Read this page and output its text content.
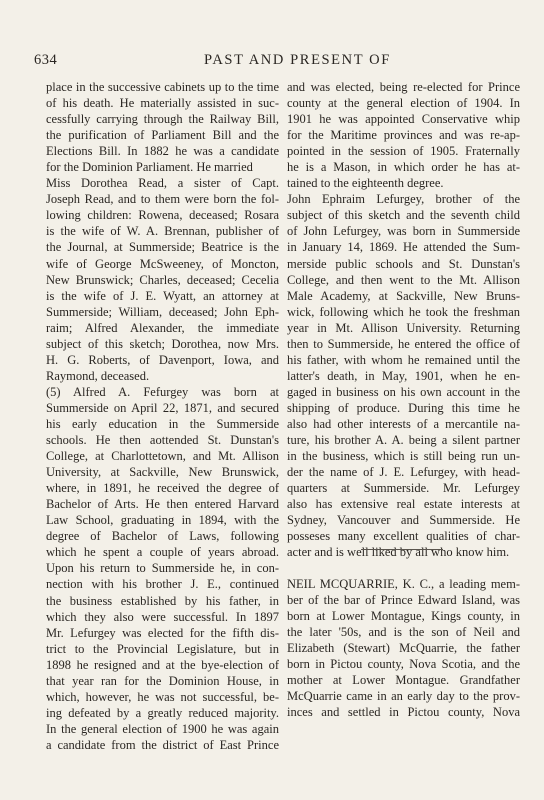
634	PAST AND PRESENT OF
place in the successive cabinets up to the time
of his death. He materially assisted in suc-
cessfully carrying through the Railway Bill,
the purification of Parliament Bill and the
Elections Bill. In 1882 he was a candidate
for the Dominion Parliament. He married
Miss Dorothea Read, a sister of Capt.
Joseph Read, and to them were born the fol-
lowing children: Rowena, deceased; Rosara
is the wife of W. A. Brennan, publisher of
the Journal, at Summerside; Beatrice is the
wife of George McSweeney, of Moncton,
New Brunswick; Charles, deceased; Cecelia
is the wife of J. E. Wyatt, an attorney at
Summerside; William, deceased; John Eph-
raim; Alfred Alexander, the immediate
subject of this sketch; Dorothea, now Mrs.
H. G. Roberts, of Davenport, Iowa, and
Raymond, deceased.
(5) Alfred A. Fefurgey was born at
Summerside on April 22, 1871, and secured
his early education in the Summerside
schools. He then aottended St. Dunstan's
College, at Charlottetown, and Mt. Allison
University, at Sackville, New Brunswick,
where, in 1891, he received the degree of
Bachelor of Arts. He then entered Harvard
Law School, graduating in 1894, with the
degree of Bachelor of Laws, following
which he spent a couple of years abroad.
Upon his return to Summerside he, in con-
nection with his brother J. E., continued
the business established by his father, in
which they also were successful. In 1897
Mr. Lefurgey was elected for the fifth dis-
trict to the Provincial Legislature, but in
1898 he resigned and at the bye-election of
that year ran for the Dominion House, in
which, however, he was not successful, be-
ing defeated by a greatly reduced majority.
In the general election of 1900 he was again
a candidate from the district of East Prince
and was elected, being re-elected for Prince
county at the general election of 1904. In
1901 he was appointed Conservative whip
for the Maritime provinces and was re-ap-
pointed in the session of 1905. Fraternally
he is a Mason, in which order he has at-
tained to the eighteenth degree.
John Ephraim Lefurgey, brother of the
subject of this sketch and the seventh child
of John Lefurgey, was born in Summerside
in January 14, 1869. He attended the Sum-
merside public schools and St. Dunstan's
College, and then went to the Mt. Allison
Male Academy, at Sackville, New Bruns-
wick, following which he took the freshman
year in Mt. Allison University. Returning
then to Summerside, he entered the office of
his father, with whom he remained until the
latter's death, in May, 1901, when he en-
gaged in business on his own account in the
shipping of produce. During this time he
also had other interests of a mercantile na-
ture, his brother A. A. being a silent partner
in the business, which is still being run un-
der the name of J. E. Lefurgey, with head-
quarters at Summerside. Mr. Lefurgey
also has extensive real estate interests at
Sydney, Vancouver and Summerside. He
posseses many excellent qualities of char-
acter and is well liked by all who know him.
NEIL MCQUARRIE, K. C., a leading mem-
ber of the bar of Prince Edward Island, was
born at Lower Montague, Kings county, in
the later '50s, and is the son of Neil and
Elizabeth (Stewart) McQuarrie, the father
born in Pictou county, Nova Scotia, and the
mother at Lower Montague. Grandfather
McQuarrie came in an early day to the prov-
inces and settled in Pictou county, Nova
